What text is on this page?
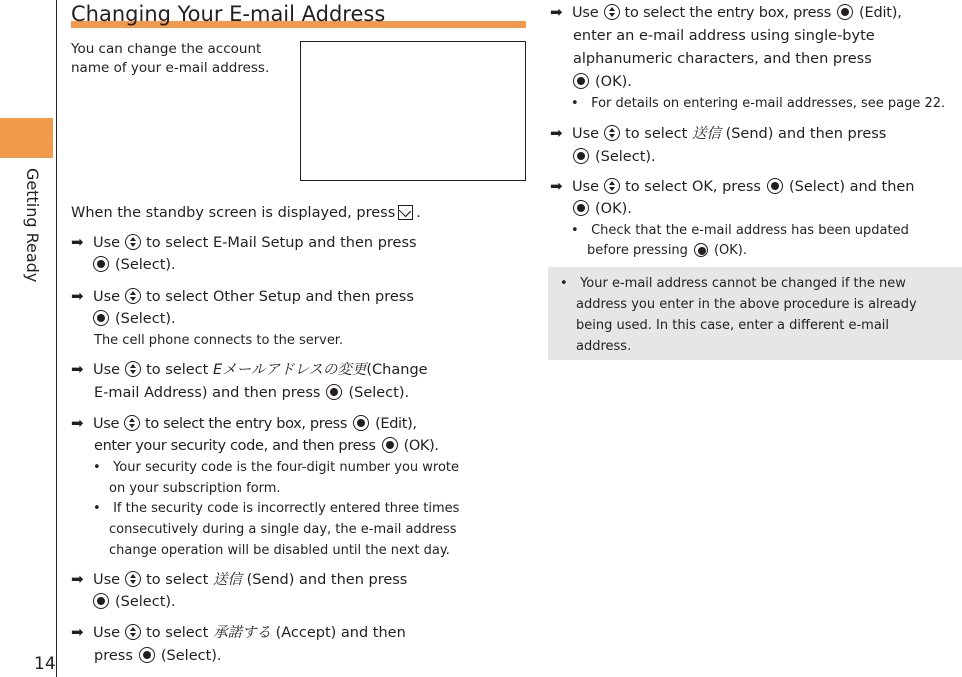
Getting Ready
14
Changing Your E-mail Address
You can change the account name of your e-mail address.
When the standby screen is displayed, press .
➡ Use to select E-Mail Setup and then press
(Select).
➡ Use to select Other Setup and then press
(Select).
The cell phone connects to the server.
➡ Use to select Eメールアドレスの変更(Change
E-mail Address) and then press (Select).
➡ Use to select the entry box, press (Edit),
enter your security code, and then press (OK).
• Your security code is the four-digit number you wrote
on your subscription form.
• If the security code is incorrectly entered three times
consecutively during a single day, the e-mail address
change operation will be disabled until the next day.
➡ Use to select 送信 (Send) and then press
(Select).
➡ Use to select 承諾する (Accept) and then
press (Select).
➡ Use to select the entry box, press (Edit),
enter an e-mail address using single-byte
alphanumeric characters, and then press
(OK).
• For details on entering e-mail addresses, see page 22.
➡ Use to select 送信 (Send) and then press
(Select).
➡ Use to select OK, press (Select) and then
(OK).
• Check that the e-mail address has been updated
before pressing (OK).
• Your e-mail address cannot be changed if the new
address you enter in the above procedure is already
being used. In this case, enter a different e-mail
address.
